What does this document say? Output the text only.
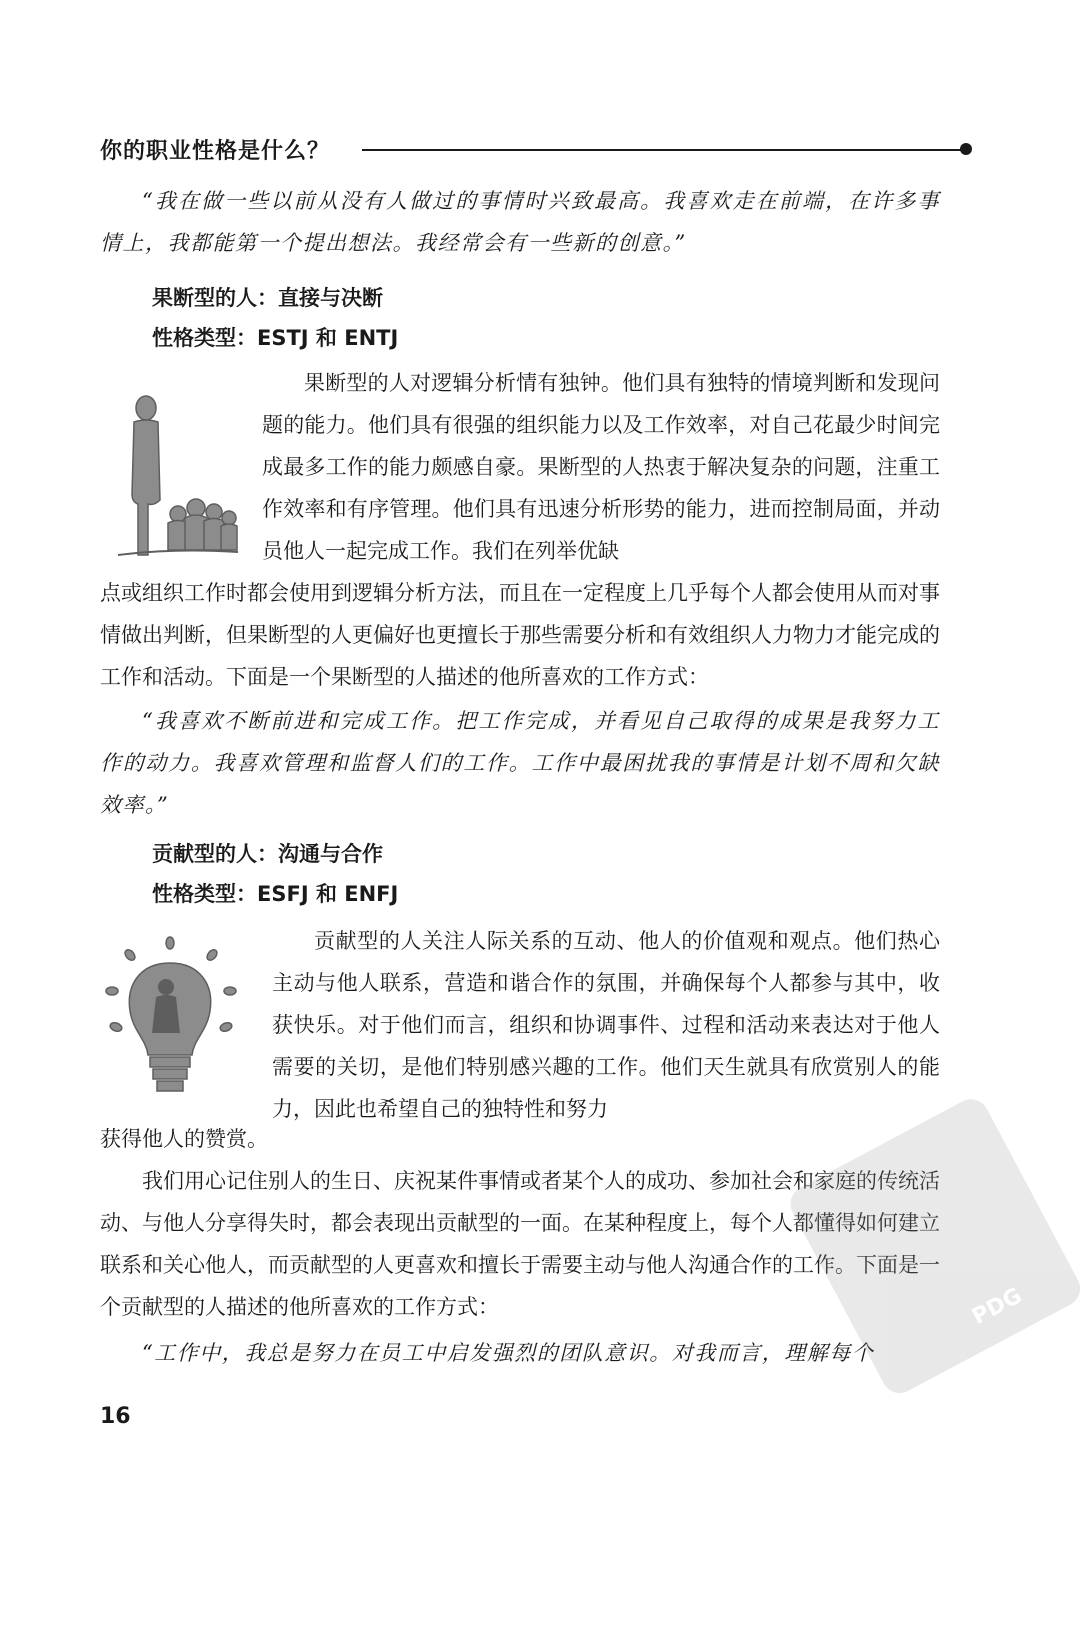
你的职业性格是什么？
“我在做一些以前从没有人做过的事情时兴致最高。我喜欢走在前端，在许多事情上，我都能第一个提出想法。我经常会有一些新的创意。”
果断型的人：直接与决断
性格类型：ESTJ 和 ENTJ
果断型的人对逻辑分析情有独钟。他们具有独特的情境判断和发现问题的能力。他们具有很强的组织能力以及工作效率，对自己花最少时间完成最多工作的能力颇感自豪。果断型的人热衷于解决复杂的问题，注重工作效率和有序管理。他们具有迅速分析形势的能力，进而控制局面，并动员他人一起完成工作。我们在列举优缺
点或组织工作时都会使用到逻辑分析方法，而且在一定程度上几乎每个人都会使用从而对事情做出判断，但果断型的人更偏好也更擅长于那些需要分析和有效组织人力物力才能完成的工作和活动。下面是一个果断型的人描述的他所喜欢的工作方式：
“我喜欢不断前进和完成工作。把工作完成，并看见自己取得的成果是我努力工作的动力。我喜欢管理和监督人们的工作。工作中最困扰我的事情是计划不周和欠缺效率。”
贡献型的人：沟通与合作
性格类型：ESFJ 和 ENFJ
贡献型的人关注人际关系的互动、他人的价值观和观点。他们热心主动与他人联系，营造和谐合作的氛围，并确保每个人都参与其中，收获快乐。对于他们而言，组织和协调事件、过程和活动来表达对于他人需要的关切，是他们特别感兴趣的工作。他们天生就具有欣赏别人的能力，因此也希望自己的独特性和努力
获得他人的赞赏。
我们用心记住别人的生日、庆祝某件事情或者某个人的成功、参加社会和家庭的传统活动、与他人分享得失时，都会表现出贡献型的一面。在某种程度上，每个人都懂得如何建立联系和关心他人，而贡献型的人更喜欢和擅长于需要主动与他人沟通合作的工作。下面是一个贡献型的人描述的他所喜欢的工作方式：
“工作中，我总是努力在员工中启发强烈的团队意识。对我而言，理解每个
PDG
16
